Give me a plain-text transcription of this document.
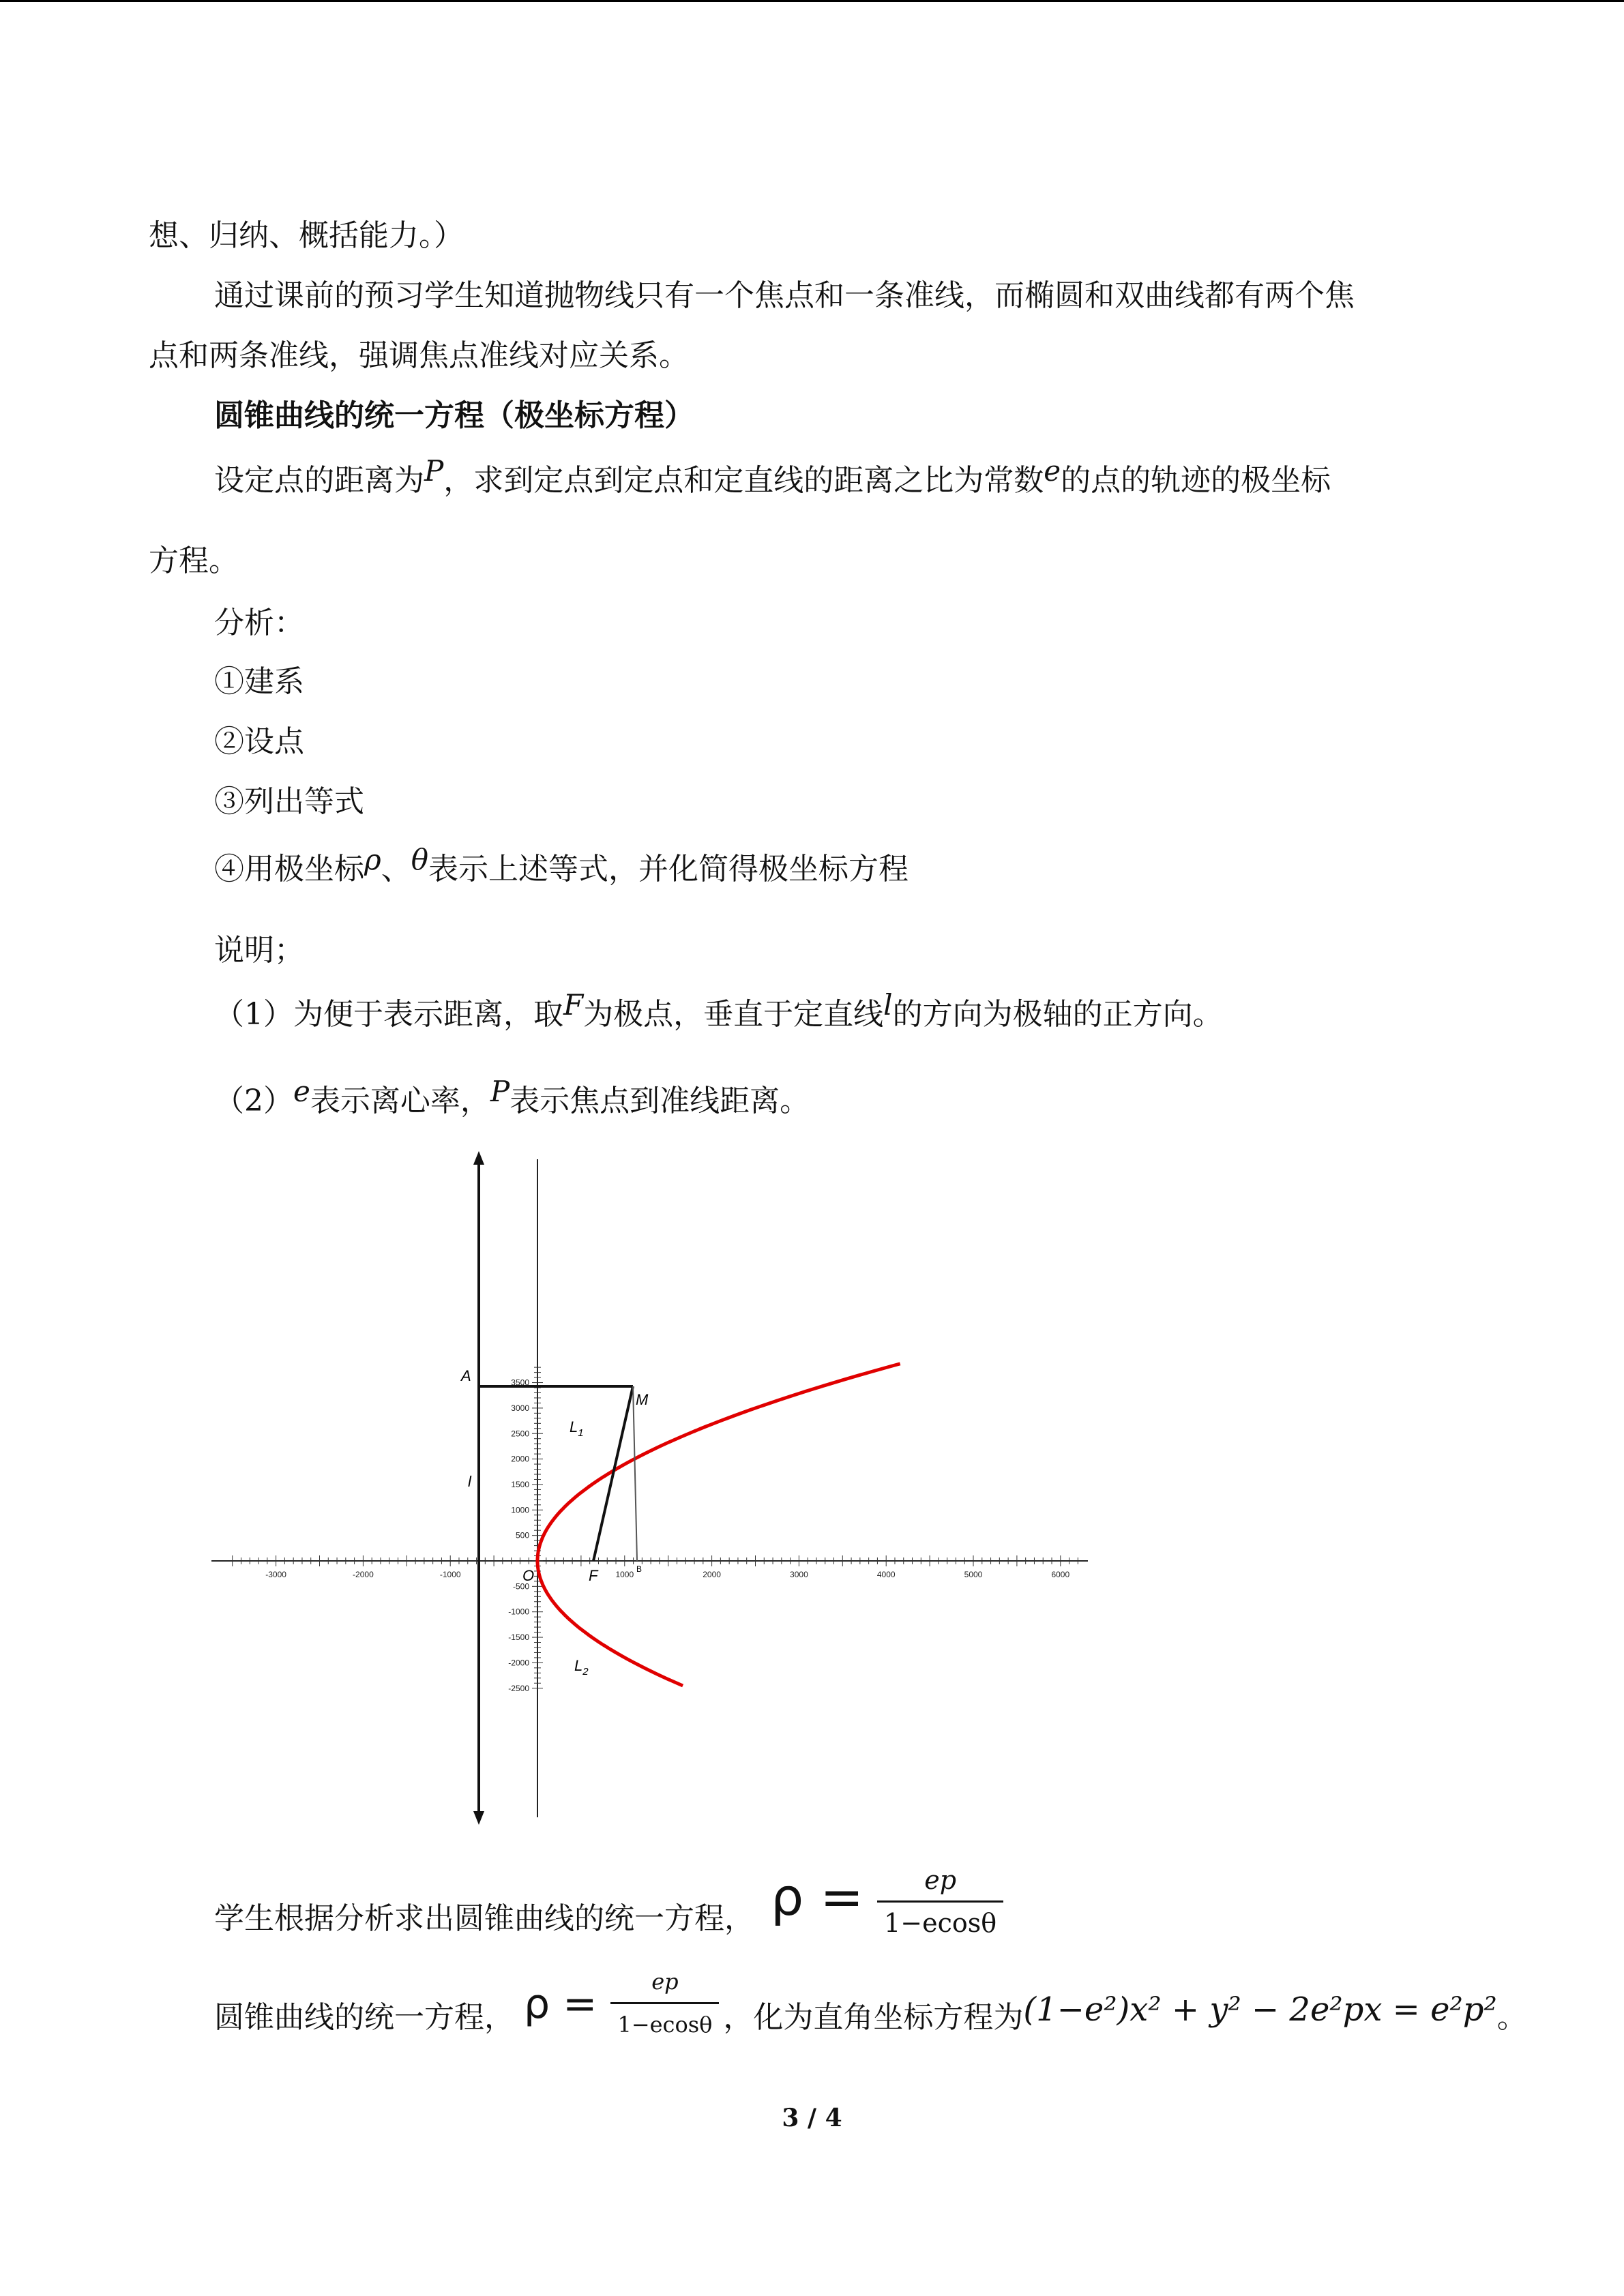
想、归纳、概括能力。）
通过课前的预习学生知道抛物线只有一个焦点和一条准线，而椭圆和双曲线都有两个焦
点和两条准线，强调焦点准线对应关系。
圆锥曲线的统一方程（极坐标方程）
设定点的距离为P，求到定点到定点和定直线的距离之比为常数e的点的轨迹的极坐标
方程。
分析：
①建系
②设点
③列出等式
④用极坐标ρ、θ表示上述等式，并化简得极坐标方程
说明；
（1）为便于表示距离，取F为极点，垂直于定直线l的方向为极轴的正方向。
（2）e表示离心率，P表示焦点到准线距离。
-3000	-2000	-1000	1000	2000	3000	4000	5000	6000
3500
3000
2500
2000
1500
1000
500
-500
-1000
-1500
-2000
-2500
A
M
$L_1$
l
O	F	B
$L_2$
学生根据分析求出圆锥曲线的统一方程， $\rho = \frac{ep}{1-ecos\theta}$
圆锥曲线的统一方程， $\rho = \frac{ep}{1-ecos\theta}$ ，化为直角坐标方程为(1−e²)x² + y² − 2e²px = e²p²。
3 / 4
